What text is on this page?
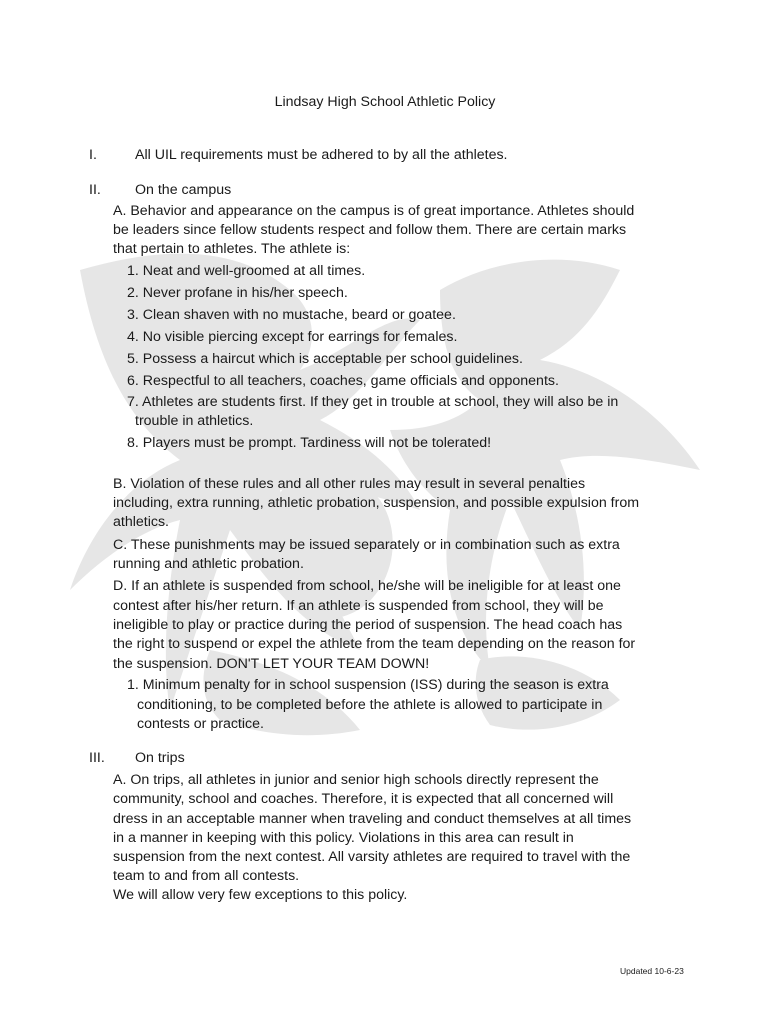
Lindsay High School Athletic Policy
I.	All UIL requirements must be adhered to by all the athletes.
II. On the campus
A. Behavior and appearance on the campus is of great importance. Athletes should
be leaders since fellow students respect and follow them. There are certain marks
that pertain to athletes. The athlete is:
1. Neat and well-groomed at all times.
2. Never profane in his/her speech.
3. Clean shaven with no mustache, beard or goatee.
4. No visible piercing except for earrings for females.
5. Possess a haircut which is acceptable per school guidelines.
6. Respectful to all teachers, coaches, game officials and opponents.
7. Athletes are students first. If they get in trouble at school, they will also be in
trouble in athletics.
8. Players must be prompt. Tardiness will not be tolerated!
B. Violation of these rules and all other rules may result in several penalties
including, extra running, athletic probation, suspension, and possible expulsion from
athletics.
C. These punishments may be issued separately or in combination such as extra
running and athletic probation.
D. If an athlete is suspended from school, he/she will be ineligible for at least one
contest after his/her return. If an athlete is suspended from school, they will be
ineligible to play or practice during the period of suspension. The head coach has
the right to suspend or expel the athlete from the team depending on the reason for
the suspension. DON'T LET YOUR TEAM DOWN!
1. Minimum penalty for in school suspension (ISS) during the season is extra
conditioning, to be completed before the athlete is allowed to participate in
contests or practice.
III. On trips
A. On trips, all athletes in junior and senior high schools directly represent the
community, school and coaches. Therefore, it is expected that all concerned will
dress in an acceptable manner when traveling and conduct themselves at all times
in a manner in keeping with this policy. Violations in this area can result in
suspension from the next contest. All varsity athletes are required to travel with the
team to and from all contests.
We will allow very few exceptions to this policy.
Updated 10-6-23
